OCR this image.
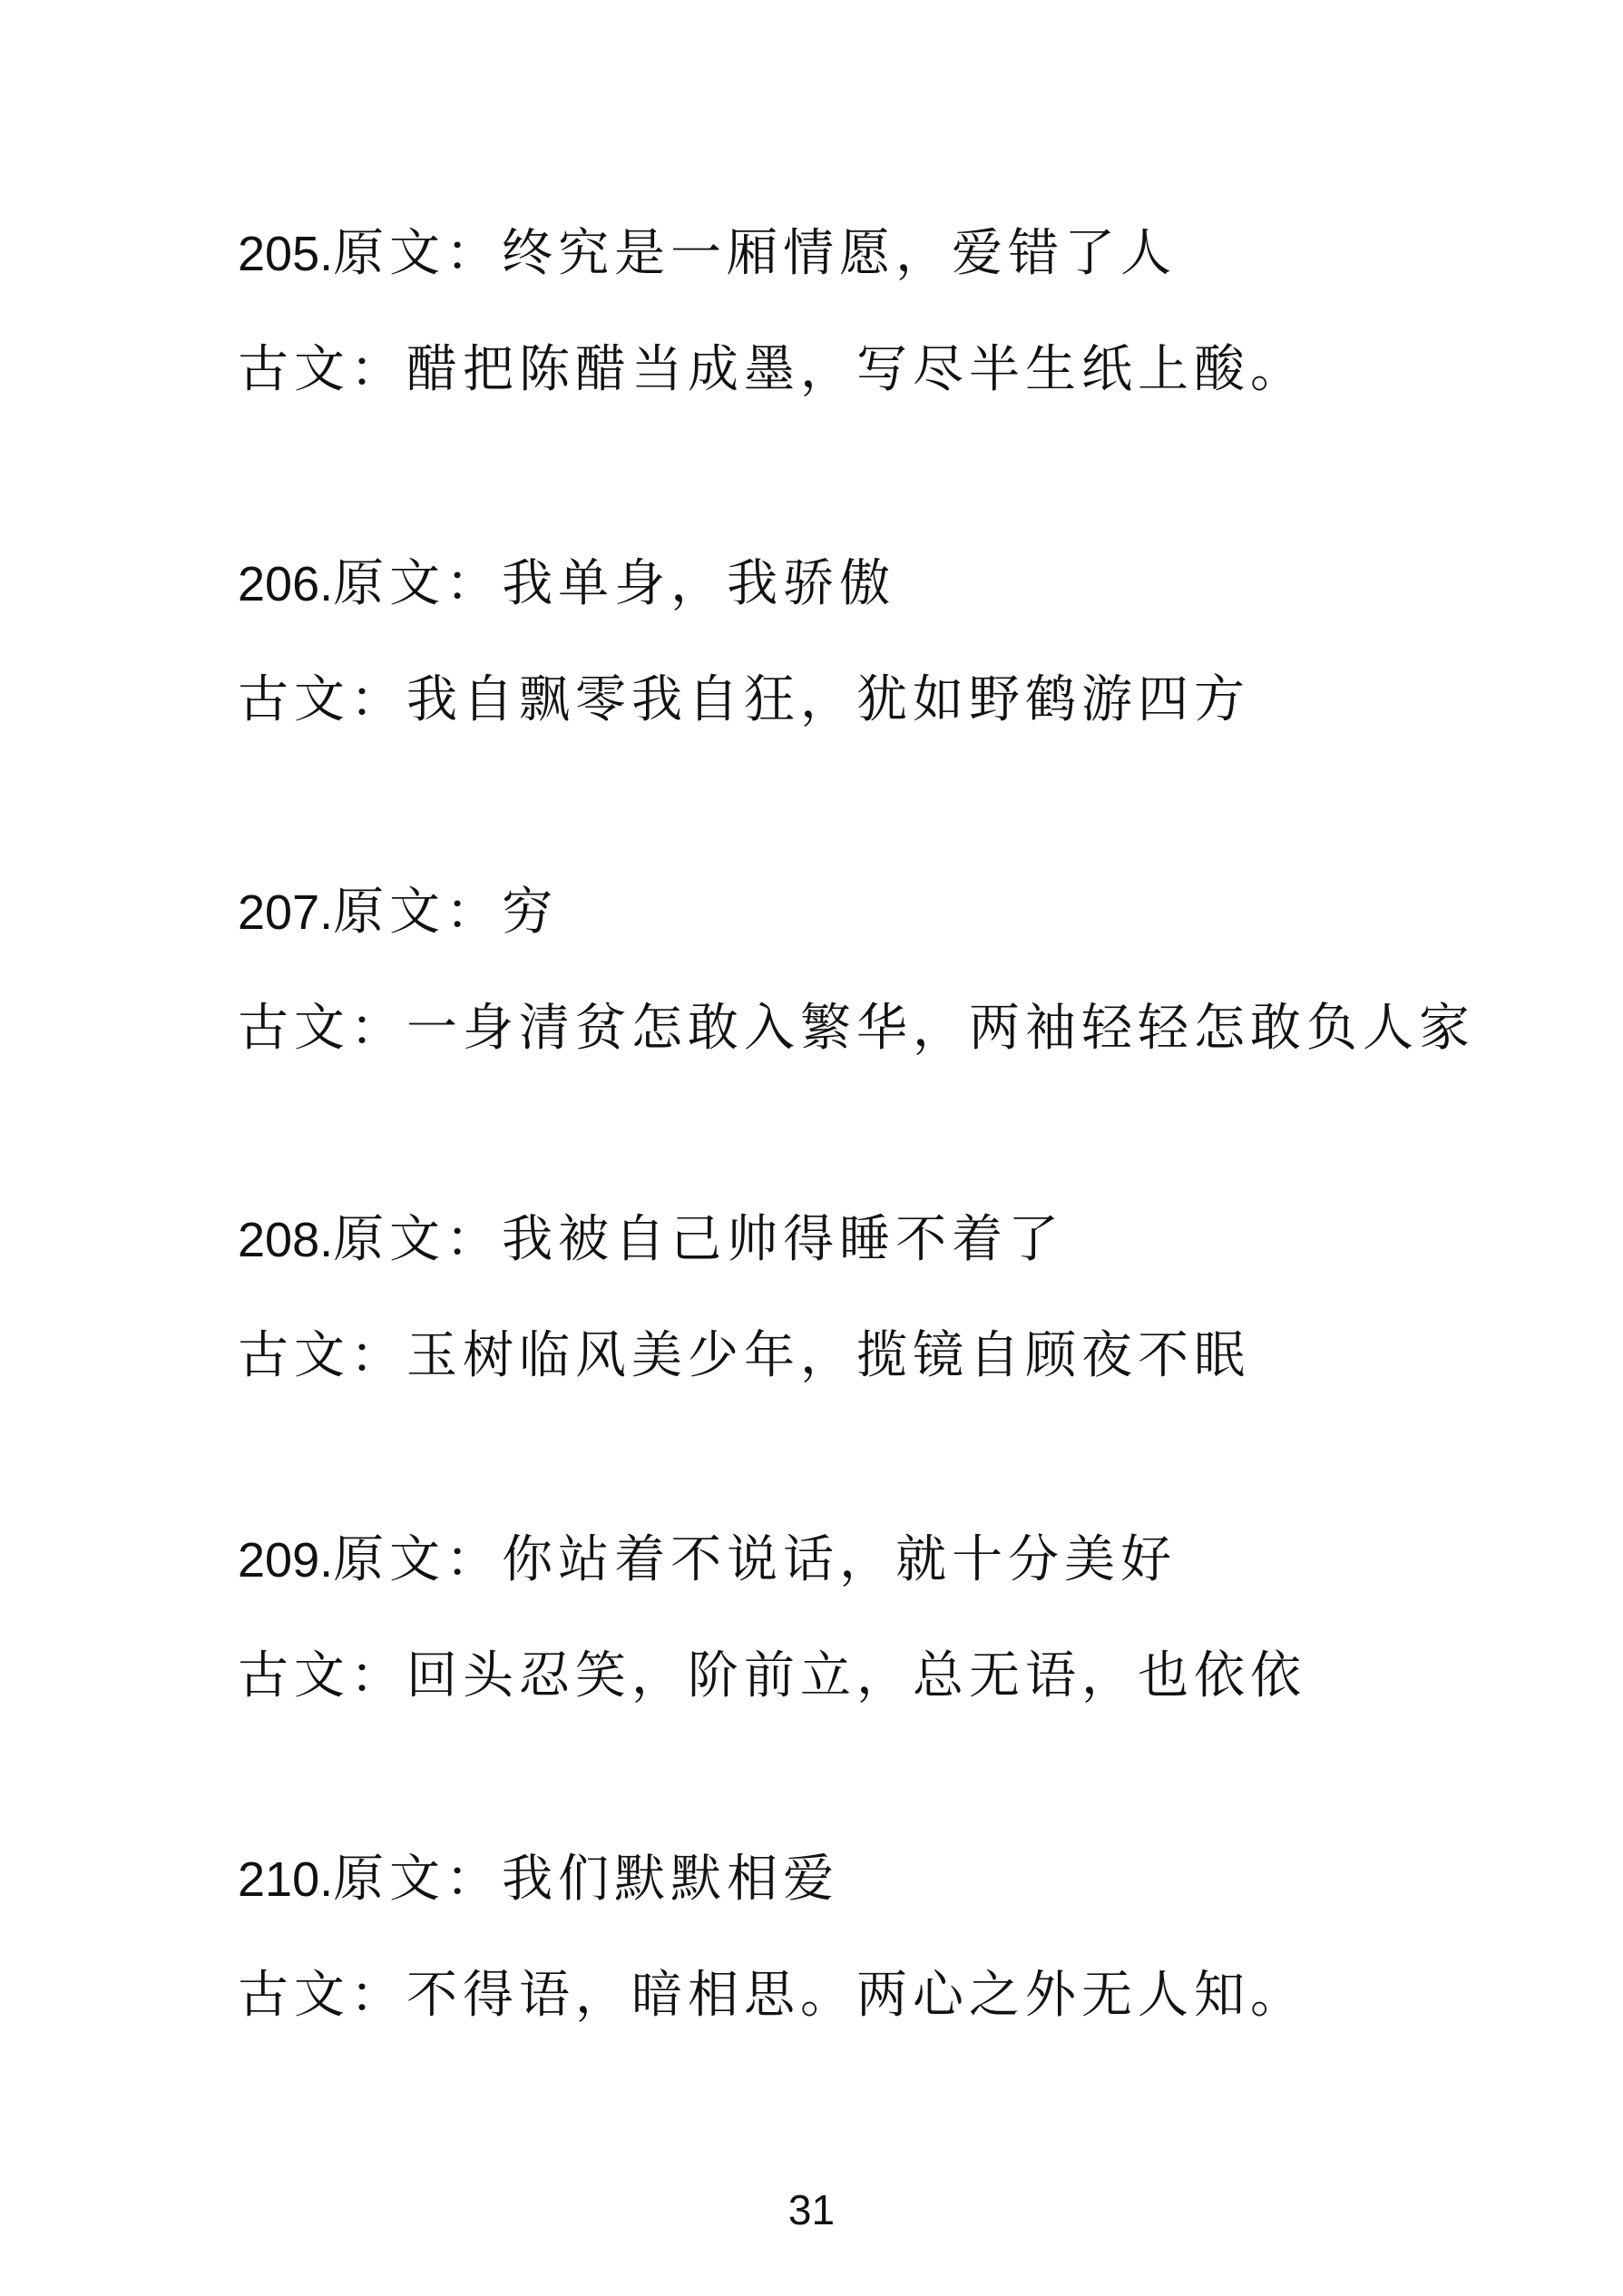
205.原文：终究是一厢情愿，爱错了人
古文：醋把陈醋当成墨，写尽半生纸上酸。
206.原文：我单身，我骄傲
古文：我自飘零我自狂，犹如野鹤游四方
207.原文：穷
古文：一身清贫怎敢入繁华，两袖轻轻怎敢负人家
208.原文：我被自己帅得睡不着了
古文：玉树临风美少年，揽镜自顾夜不眠
209.原文：你站着不说话，就十分美好
古文：回头忍笑，阶前立，总无语，也依依
210.原文：我们默默相爱
古文：不得语，暗相思。两心之外无人知。
31
